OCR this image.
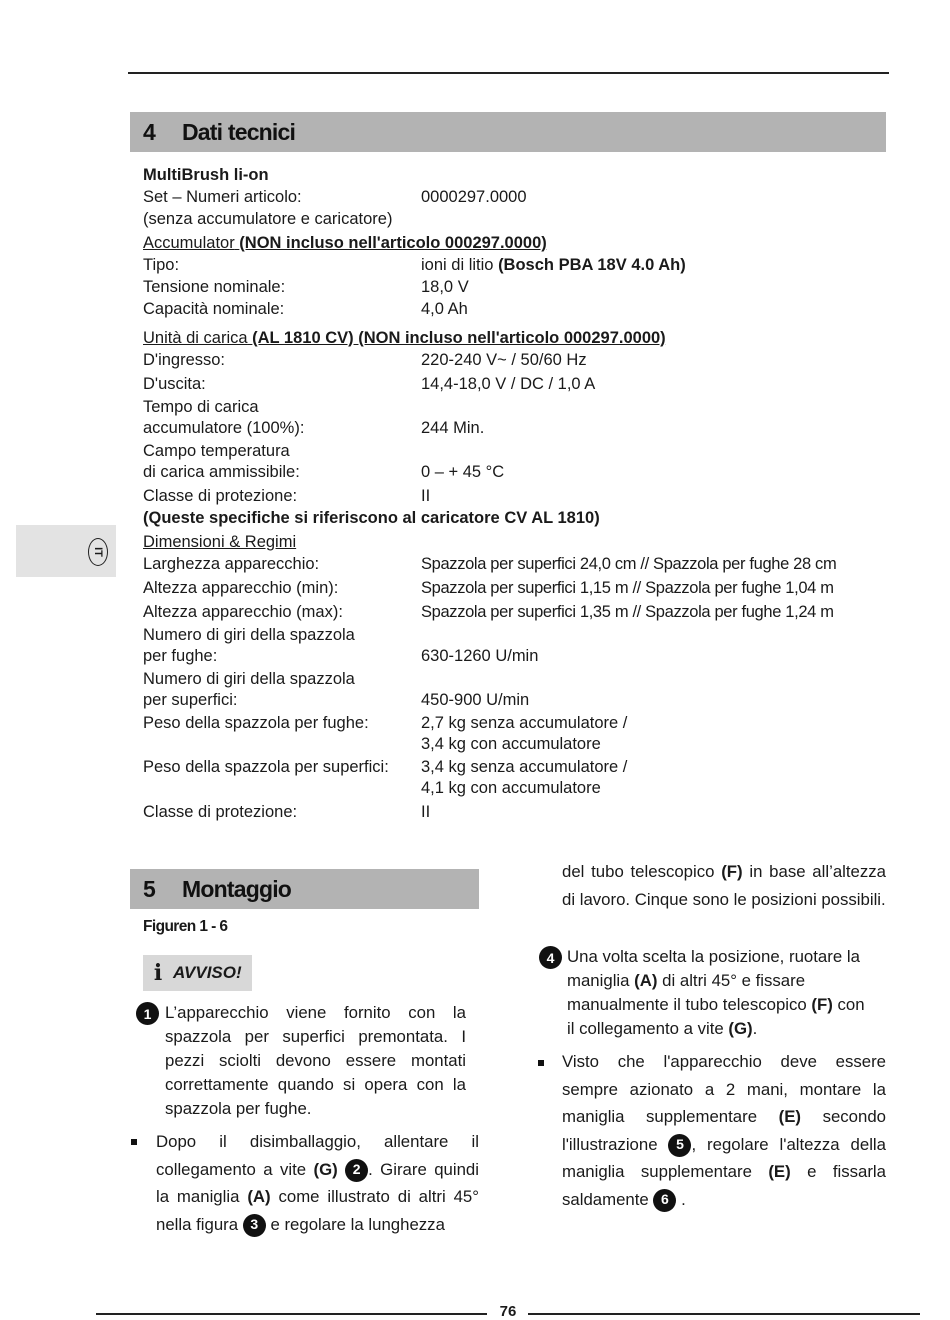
4	Dati tecnici
MultiBrush li-on
Set – Numeri articolo:	0000297.0000
(senza accumulatore e caricatore)
Accumulator (NON incluso nell'articolo 000297.0000)
Tipo:	ioni di litio (Bosch PBA 18V 4.0 Ah)
Tensione nominale:	18,0 V
Capacità nominale:	4,0 Ah
Unità di carica (AL 1810 CV) (NON incluso nell'articolo 000297.0000)
D'ingresso:	220-240 V~ / 50/60 Hz
D'uscita:	14,4-18,0 V / DC / 1,0 A
Tempo di carica
accumulatore (100%):	244 Min.
Campo temperatura
di carica ammissibile:	0 – + 45 °C
Classe di protezione:	II
(Queste specifiche si riferiscono al caricatore CV AL 1810)
Dimensioni & Regimi
Larghezza apparecchio:	Spazzola per superfici 24,0 cm // Spazzola per fughe 28 cm
Altezza apparecchio (min):	Spazzola per superfici 1,15 m // Spazzola per fughe 1,04 m
Altezza apparecchio (max):	Spazzola per superfici 1,35 m // Spazzola per fughe 1,24 m
Numero di giri della spazzola
per fughe:	630-1260 U/min
Numero di giri della spazzola
per superfici:	450-900 U/min
Peso della spazzola per fughe:	2,7 kg senza accumulatore /
3,4 kg con accumulatore
Peso della spazzola per superfici:	3,4 kg senza accumulatore /
4,1 kg con accumulatore
Classe di protezione:	II
IT
5	Montaggio
Figuren 1 - 6
i AVVISO!
1 L’apparecchio viene fornito con la spazzola per superfici premontata. I pezzi sciolti devono essere montati correttamente quando si opera con la spazzola per fughe.
Dopo il disimballaggio, allentare il collegamento a vite (G) 2 . Girare quindi la maniglia (A) come illustrato di altri 45° nella figura 3 e regolare la lunghezza
del tubo telescopico (F) in base all’altezza di lavoro. Cinque sono le posizioni possibili.
4 Una volta scelta la posizione, ruotare la maniglia (A) di altri 45° e fissare manualmente il tubo telescopico (F) con il collegamento a vite (G).
Visto che l'apparecchio deve essere sempre azionato a 2 mani, montare la maniglia supplementare (E) secondo l'illustrazione 5 , regolare l'altezza della maniglia supplementare (E) e fissarla saldamente 6 .
76
